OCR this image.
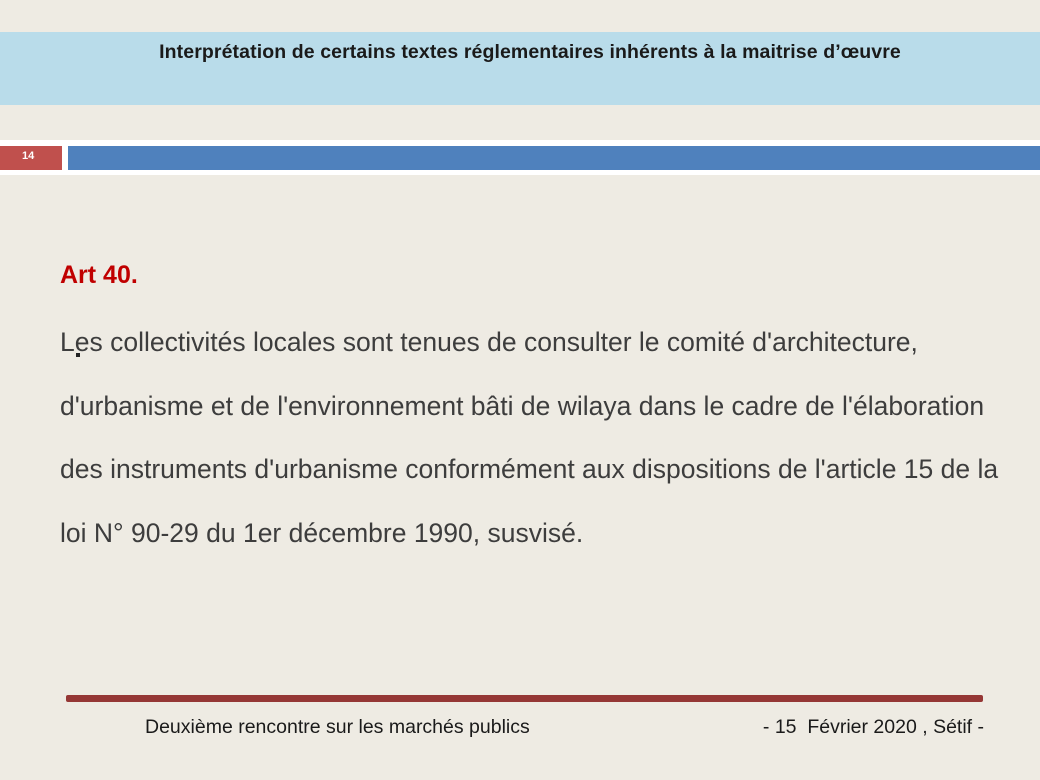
Interprétation de certains textes réglementaires inhérents à la maitrise d’œuvre
14
Art 40.

Les collectivités locales sont tenues de consulter le comité d'architecture, d'urbanisme et de l'environnement bâti de wilaya dans le cadre de l'élaboration des instruments d'urbanisme conformément aux dispositions de l'article 15 de la loi N° 90-29 du 1er décembre 1990, susvisé.

Deuxième rencontre sur les marchés publics	- 15  Février 2020 , Sétif -
